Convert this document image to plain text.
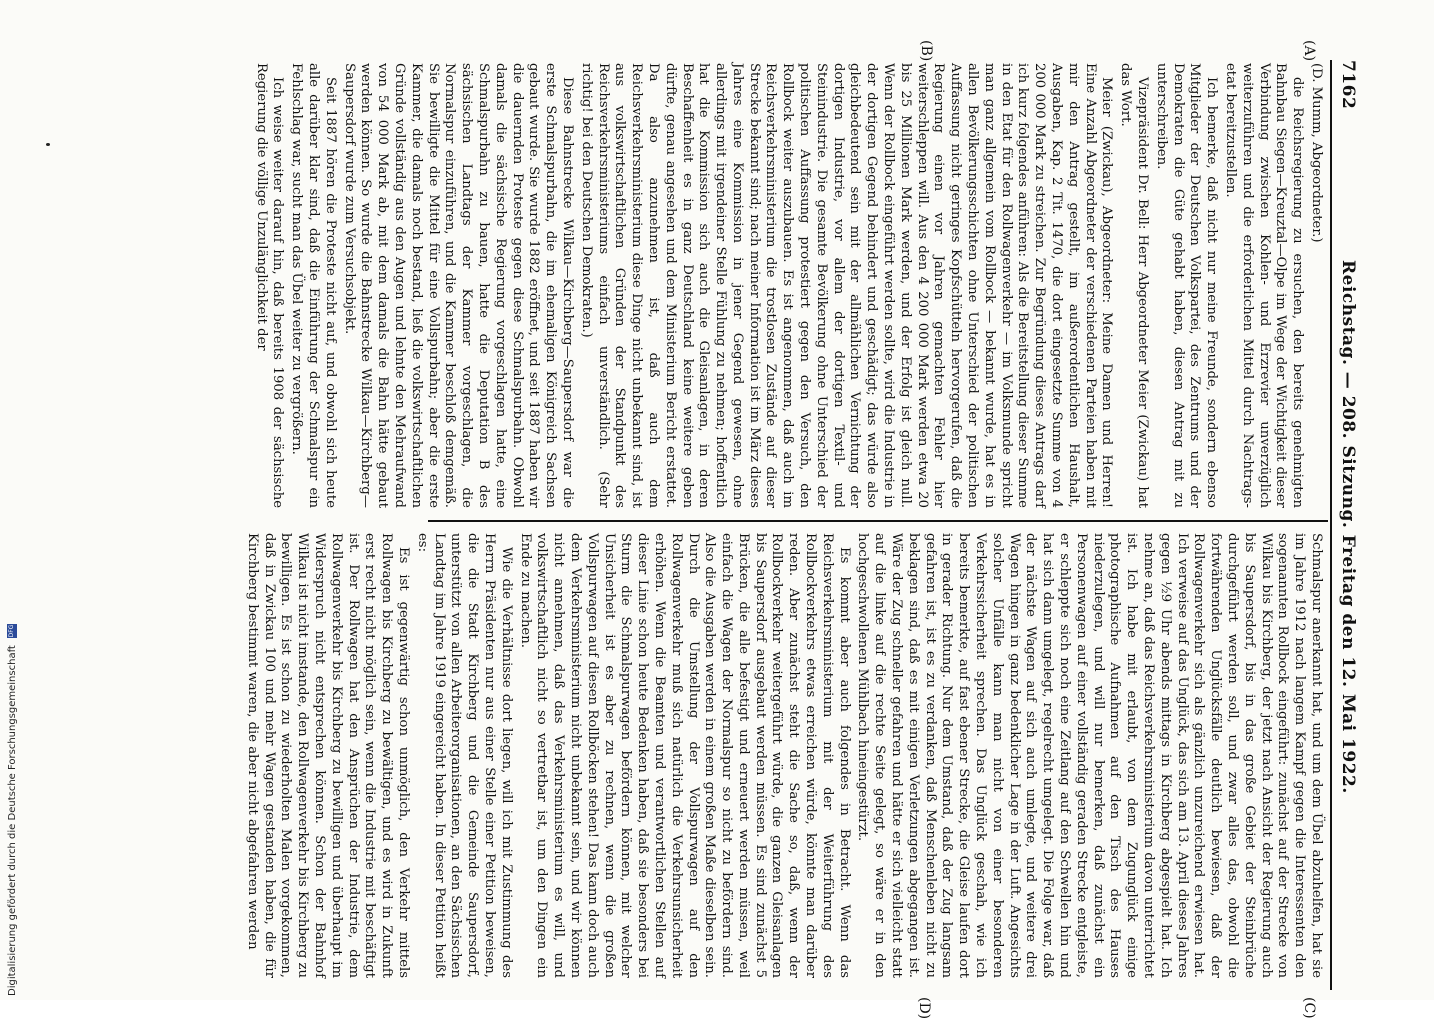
7162
Reichstag. — 208. Sitzung. Freitag den 12. Mai 1922.
(A)
(B)
(C)
(D)

(D. Mumm, Abgeordneter.)

die Reichsregierung zu ersuchen, den bereits genehmigten Bahnbau Siegen—Kreuztal—Olpe im Wege der Wichtigkeit dieser Verbindung zwischen Kohlen- und Erzrevier unverzüglich weiterzuführen und die erforderlichen Mittel durch Nachtrags-etat bereitzustellen.

Ich bemerke, daß nicht nur meine Freunde, sondern ebenso Mitglieder der Deutschen Volkspartei, des Zentrums und der Demokraten die Güte gehabt haben, diesen Antrag mit zu unterschreiben.

Vizepräsident Dr. Bell: Herr Abgeordneter Meier (Zwickau) hat das Wort.

Meier (Zwickau), Abgeordneter: Meine Damen und Herren! Eine Anzahl Abgeordneter der verschiedenen Parteien haben mit mir den Antrag gestellt, im außerordentlichen Haushalt, Ausgaben, Kap. 2 Tit. 1470, die dort eingesetzte Summe von 4 200 000 Mark zu streichen. Zur Begründung dieses Antrags darf ich kurz folgendes anführen: Als die Bereitstellung dieser Summe in den Etat für den Rollwagenverkehr — im Volksmunde spricht man ganz allgemein vom Rollbock — bekannt wurde, hat es in allen Bevölkerungsschichten ohne Unterschied der politischen Auffassung nicht geringes Kopfschütteln hervorgerufen, daß die Regierung einen vor Jahren gemachten Fehler hier weiterschleppen will. Aus den 4 200 000 Mark werden etwa 20 bis 25 Millionen Mark werden, und der Erfolg ist gleich null. Wenn der Rollbock eingeführt werden sollte, wird die Industrie in der dortigen Gegend behindert und geschädigt; das würde also gleichbedeutend sein mit der allmählichen Vernichtung der dortigen Industrie, vor allem der dortigen Textil- und Steinindustrie. Die gesamte Bevölkerung ohne Unterschied der politischen Auffassung protestiert gegen den Versuch, den Rollbock weiter auszubauen. Es ist angenommen, daß auch im Reichsverkehrsministerium die trostlosen Zustände auf dieser Strecke bekannt sind; nach meiner Information ist im März dieses Jahres eine Kommission in jener Gegend gewesen, ohne allerdings mit irgendeiner Stelle Fühlung zu nehmen; hoffentlich hat die Kommission sich auch die Gleisanlagen, in deren Beschaffenheit es in ganz Deutschland keine weitere geben dürfte, genau angesehen und dem Ministerium Bericht erstattet. Da also anzunehmen ist, daß auch dem Reichsverkehrsministerium diese Dinge nicht unbekannt sind, ist aus volkswirtschaftlichen Gründen der Standpunkt des Reichsverkehrsministeriums einfach unverständlich. (Sehr richtig! bei den Deutschen Demokraten.)

Diese Bahnstrecke Wilkau—Kirchberg—Saupersdorf war die erste Schmalspurbahn, die im ehemaligen Königreich Sachsen gebaut wurde. Sie wurde 1882 eröffnet, und seit 1887 haben wir die dauernden Proteste gegen diese Schmalspurbahn. Obwohl damals die sächsische Regierung vorgeschlagen hatte, eine Schmalspurbahn zu bauen, hatte die Deputation B des sächsischen Landtags der Kammer vorgeschlagen, die Normalspur einzuführen, und die Kammer beschloß demgemäß. Sie bewilligte die Mittel für eine Vollspurbahn; aber die erste Kammer, die damals noch bestand, ließ die volkswirtschaftlichen Gründe vollständig aus den Augen und lehnte den Mehraufwand von 54 000 Mark ab, mit dem damals die Bahn hätte gebaut werden können. So wurde die Bahnstrecke Wilkau—Kirchberg—Saupersdorf wurde zum Versuchsobjekt.

Seit 1887 hören die Proteste nicht auf, und obwohl sich heute alle darüber klar sind, daß die Einführung der Schmalspur ein Fehlschlag war, sucht man das Übel weiter zu vergrößern.

Ich weise weiter darauf hin, daß bereits 1908 der sächsische Regierung die völlige Unzulänglichkeit der

Schmalspur anerkannt hat, und um dem Übel abzuhelfen, hat sie im Jahre 1912 nach langem Kampf gegen die Interessenten den sogenannten Rollbock eingeführt: zunächst auf der Strecke von Wilkau bis Kirchberg, der jetzt nach Ansicht der Regierung auch bis Saupersdorf, bis in das große Gebiet der Steinbrüche durchgeführt werden soll, und zwar alles das, obwohl die fortwährenden Unglücksfälle deutlich bewiesen, daß der Rollwagenverkehr sich als gänzlich unzureichend erwiesen hat. Ich verweise auf das Unglück, das sich am 13. April dieses Jahres gegen ½9 Uhr abends mittags in Kirchberg abgespielt hat. Ich nehme an, daß das Reichsverkehrsministerium davon unterrichtet ist. Ich habe mit erlaubt, von dem Zugunglück einige photographische Aufnahmen auf den Tisch des Hauses niederzulegen, und will nur bemerken, daß zunächst ein Personenwagen auf einer vollständig geraden Strecke entgleiste, er schleppte sich noch eine Zeitlang auf den Schwellen hin und hat sich dann umgelegt, regelrecht umgelegt. Die Folge war, daß der nächste Wagen auf sich auch umlegte, und weitere drei Wagen hingen in ganz bedenklicher Lage in der Luft. Angesichts solcher Unfälle kann man nicht von einer besonderen Verkehrssicherheit sprechen. Das Unglück geschah, wie ich bereits bemerkte, auf fast ebener Strecke, die Gleise laufen dort in gerader Richtung. Nur dem Umstand, daß der Zug langsam gefahren ist, ist es zu verdanken, daß Menschenleben nicht zu beklagen sind, daß es mit einigen Verletzungen abgegangen ist. Wäre der Zug schneller gefahren und hätte er sich vielleicht statt auf die linke auf die rechte Seite gelegt, so wäre er in den hochgeschwollenen Mühlbach hineingestürzt.

Es kommt aber auch folgendes in Betracht. Wenn das Reichsverkehrsministerium mit der Weiterführung des Rollbockverkehrs etwas erreichen würde, könnte man darüber reden. Aber zunächst steht die Sache so, daß, wenn der Rollbockverkehr weitergeführt würde, die ganzen Gleisanlagen bis Saupersdorf ausgebaut werden müssen. Es sind zunächst 5 Brücken, die alle befestigt und erneuert werden müssen, weil einfach die Wagen der Normalspur so nicht zu befördern sind. Also die Ausgaben werden in einem großen Maße dieselben sein. Durch die Umstellung der Vollspurwagen auf den Rollwagenverkehr muß sich natürlich die Verkehrsunsicherheit erhöhen. Wenn die Beamten und verantwortlichen Stellen auf dieser Linie schon heute Bedenken haben, daß sie besonders bei Sturm die Schmalspurwagen befördern können, mit welcher Unsicherheit ist es aber zu rechnen, wenn die großen Vollspurwagen auf diesen Rollböcken stehen! Das kann doch auch dem Verkehrsministerium nicht unbekannt sein, und wir können nicht annehmen, daß das Verkehrsministerium es will, und volkswirtschaftlich nicht so vertretbar ist, um den Dingen ein Ende zu machen.

Wie die Verhältnisse dort liegen, will ich mit Zustimmung des Herrn Präsidenten nur aus einer Stelle einer Petition beweisen, die die Stadt Kirchberg und die Gemeinde Saupersdorf, unterstützt von allen Arbeiterorganisationen, an den Sächsischen Landtag im Jahre 1919 eingereicht haben. In dieser Petition heißt es:

Es ist gegenwärtig schon unmöglich, den Verkehr mittels Rollwagen bis Kirchberg zu bewältigen, und es wird in Zukunft erst recht nicht möglich sein, wenn die Industrie mit beschäftigt ist. Der Rollwagen hat den Ansprüchen der Industrie, dem Rollwagenverkehr bis Kirchberg zu bewilligen und überhaupt im Widerspruch nicht entsprechen können. Schon der Bahnhof Wilkau ist nicht imstande, den Rollwagenverkehr bis Kirchberg zu bewilligen. Es ist schon zu wiederholten Malen vorgekommen, daß in Zwickau 100 und mehr Wagen gestanden haben, die für Kirchberg bestimmt waren, die aber nicht abgefahren werden

Digitalisierung gefördert durch die Deutsche Forschungsgemeinschaft DFG
